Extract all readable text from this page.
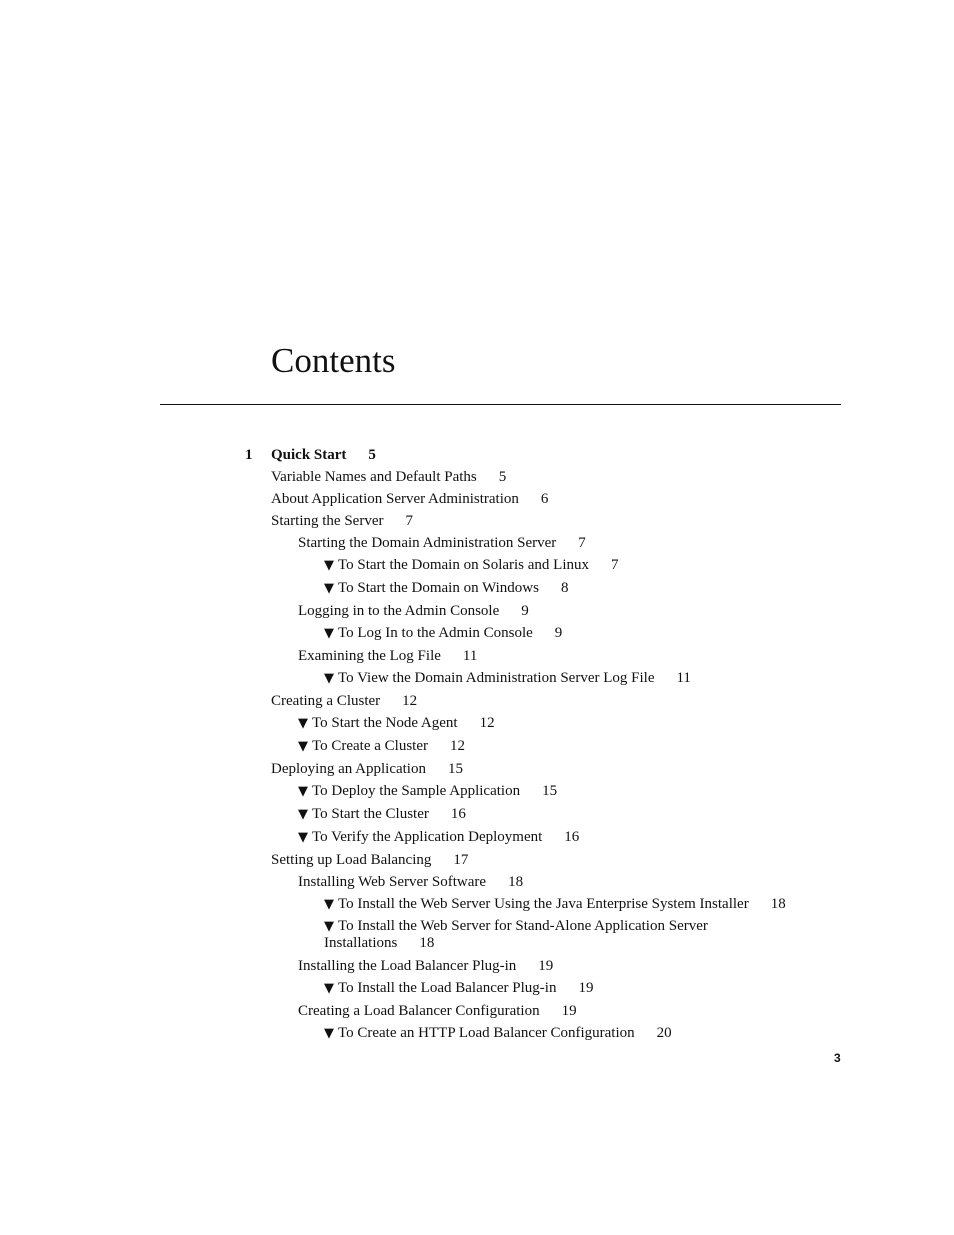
Contents
1 Quick Start 5
Variable Names and Default Paths 5
About Application Server Administration 6
Starting the Server 7
Starting the Domain Administration Server 7
▼ To Start the Domain on Solaris and Linux 7
▼ To Start the Domain on Windows 8
Logging in to the Admin Console 9
▼ To Log In to the Admin Console 9
Examining the Log File 11
▼ To View the Domain Administration Server Log File 11
Creating a Cluster 12
▼ To Start the Node Agent 12
▼ To Create a Cluster 12
Deploying an Application 15
▼ To Deploy the Sample Application 15
▼ To Start the Cluster 16
▼ To Verify the Application Deployment 16
Setting up Load Balancing 17
Installing Web Server Software 18
▼ To Install the Web Server Using the Java Enterprise System Installer 18
▼ To Install the Web Server for Stand-Alone Application Server Installations 18
Installing the Load Balancer Plug-in 19
▼ To Install the Load Balancer Plug-in 19
Creating a Load Balancer Configuration 19
▼ To Create an HTTP Load Balancer Configuration 20
3
